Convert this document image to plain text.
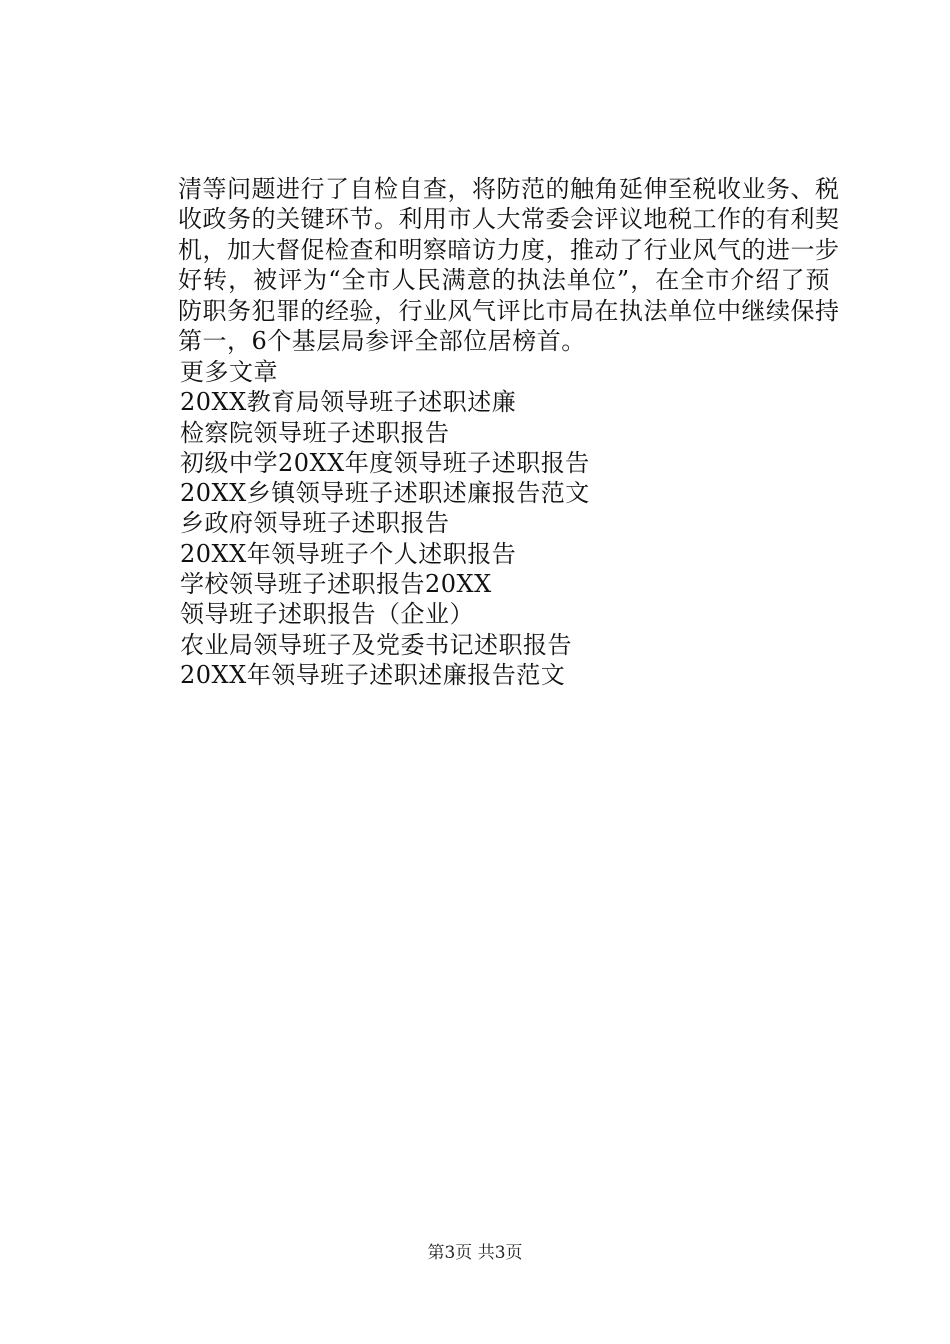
清等问题进行了自检自查，将防范的触角延伸至税收业务、税
收政务的关键环节。利用市人大常委会评议地税工作的有利契
机，加大督促检查和明察暗访力度，推动了行业风气的进一步
好转，被评为“全市人民满意的执法单位”，在全市介绍了预
防职务犯罪的经验，行业风气评比市局在执法单位中继续保持
第一，6个基层局参评全部位居榜首。
更多文章
20XX教育局领导班子述职述廉
检察院领导班子述职报告
初级中学20XX年度领导班子述职报告
20XX乡镇领导班子述职述廉报告范文
乡政府领导班子述职报告
20XX年领导班子个人述职报告
学校领导班子述职报告20XX
领导班子述职报告（企业）
农业局领导班子及党委书记述职报告
20XX年领导班子述职述廉报告范文
第3页 共3页
